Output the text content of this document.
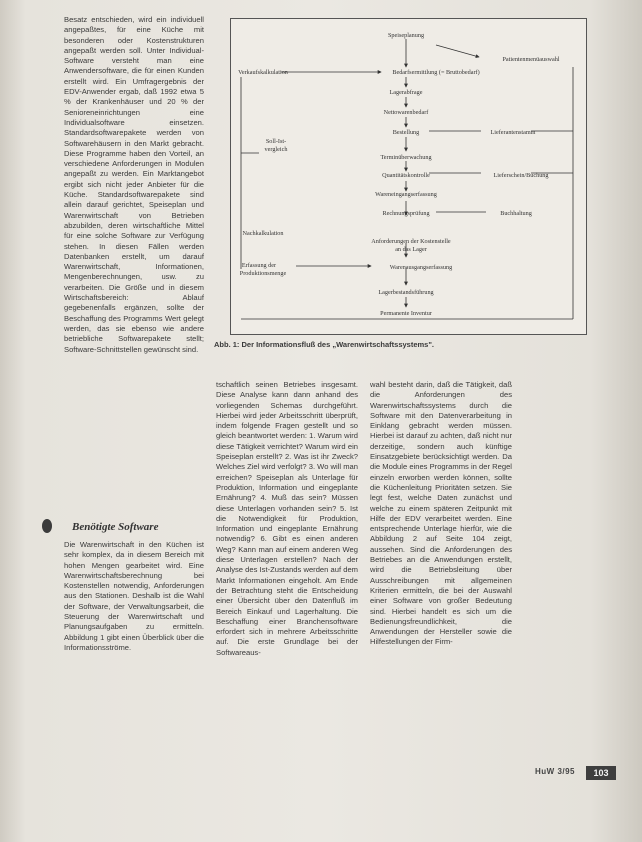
Besatz entschieden, wird ein individuell angepaßtes, für eine Küche mit besonderen oder Kostenstrukturen angepaßt werden soll. Unter Individual-Software versteht man eine Anwendersoftware, die für einen Kunden erstellt wird. Ein Umfragergebnis der EDV-Anwender ergab, daß 1992 etwa 5 % der Krankenhäuser und 20 % der Senioreneinrichtungen eine Individualsoftware einsetzen. Standardsoftwarepakete werden von Softwarehäusern in den Markt gebracht. Diese Programme haben den Vorteil, an verschiedene Anforderungen in Modulen angepaßt zu werden. Ein Marktangebot ergibt sich nicht jeder Anbieter für die Küche. Standardsoftwarepakete sind allein darauf gerichtet, Speiseplan und Warenwirtschaft von Betrieben abzubilden, deren wirtschaftliche Mittel für eine solche Software zur Verfügung stehen. In diesen Fällen werden Datenbanken erstellt, um darauf Warenwirtschaft, Informationen, Mengenberechnungen, usw. zu verarbeiten. Die Größe und in diesem Wirtschaftsbereich: Ablauf gegebenenfalls ergänzen, sollte der Beschaffung des Programms Wert gelegt werden, das sie ebenso wie andere betriebliche Softwarepakete stellt; Software-Schnittstellen gewünscht sind.

Benötigte Software

Die Warenwirtschaft in den Küchen ist sehr komplex, da in diesem Bereich mit hohen Mengen gearbeitet wird. Eine Warenwirtschaftsberechnung bei Kostenstellen notwendig, Anforderungen aus den Stationen. Deshalb ist die Wahl der Software, der Verwaltungsarbeit, die Steuerung der Warenwirtschaft und Planungsaufgaben zu ermitteln. Abbildung 1 gibt einen Überblick über die Informationsströme.

Speiseplanung
Patientenmenüauswahl
Verkaufskalkulation	Bedarfsermittlung (= Bruttobedarf)
Lagerabfrage
Nettowarenbedarf
Bestellung	Lieferantenstamm
Soll-Ist-
vergleich
Terminüberwachung
Quantitätskontrolle	Lieferschein/Buchung
Wareneingangserfassung
Rechnungsprüfung	Buchhaltung
Nachkalkulation
Anforderungen der Kostenstelle
an das Lager
Erfassung der
Produktionsmenge
Warenausgangserfassung
Lagerbestandsführung
Permanente Inventur
Abb. 1: Der Informationsfluß des „Warenwirtschaftssystems".

tschaftlich seinen Betriebes insgesamt. Diese Analyse kann dann anhand des vorliegenden Schemas durchgeführt. Hierbei wird jeder Arbeitsschritt überprüft, indem folgende Fragen gestellt und so gleich beantwortet werden: 1. Warum wird diese Tätigkeit verrichtet? Warum wird ein Speiseplan erstellt? 2. Was ist ihr Zweck? Welches Ziel wird verfolgt? 3. Wo will man erreichen? Speiseplan als Unterlage für Produktion, Information und eingeplante Ernährung? 4. Muß das sein? Müssen diese Unterlagen vorhanden sein? 5. Ist die Notwendigkeit für Produktion, Information und eingeplante Ernährung notwendig? 6. Gibt es einen anderen Weg? Kann man auf einem anderen Weg diese Unterlagen erstellen? Nach der Analyse des Ist-Zustands werden auf dem Markt Informationen eingeholt. Am Ende der Betrachtung steht die Entscheidung einer Übersicht über den Datenfluß im Bereich Einkauf und Lagerhaltung. Die Beschaffung einer Branchensoftware erfordert sich in mehrere Arbeitsschritte auf. Die erste Grundlage bei der Softwareaus-

wahl besteht darin, daß die Tätigkeit, daß die Anforderungen des Warenwirtschaftssystems durch die Software mit den Datenverarbeitung in Einklang gebracht werden müssen. Hierbei ist darauf zu achten, daß nicht nur derzeitige, sondern auch künftige Einsatzgebiete berücksichtigt werden. Da die Module eines Programms in der Regel einzeln erworben werden können, sollte die Küchenleitung Prioritäten setzen. Sie legt fest, welche Daten zunächst und welche zu einem späteren Zeitpunkt mit Hilfe der EDV verarbeitet werden. Eine entsprechende Unterlage hierfür, wie die Abbildung 2 auf Seite 104 zeigt, aussehen. Sind die Anforderungen des Betriebes an die Anwendungen erstellt, wird die Betriebsleitung über Ausschreibungen mit allgemeinen Kriterien ermitteln, die bei der Auswahl einer Software von großer Bedeutung sind. Hierbei handelt es sich um die Bedienungsfreundlichkeit, die Anwendungen der Hersteller sowie die Hilfestellungen der Firm-

HuW 3/95	103
